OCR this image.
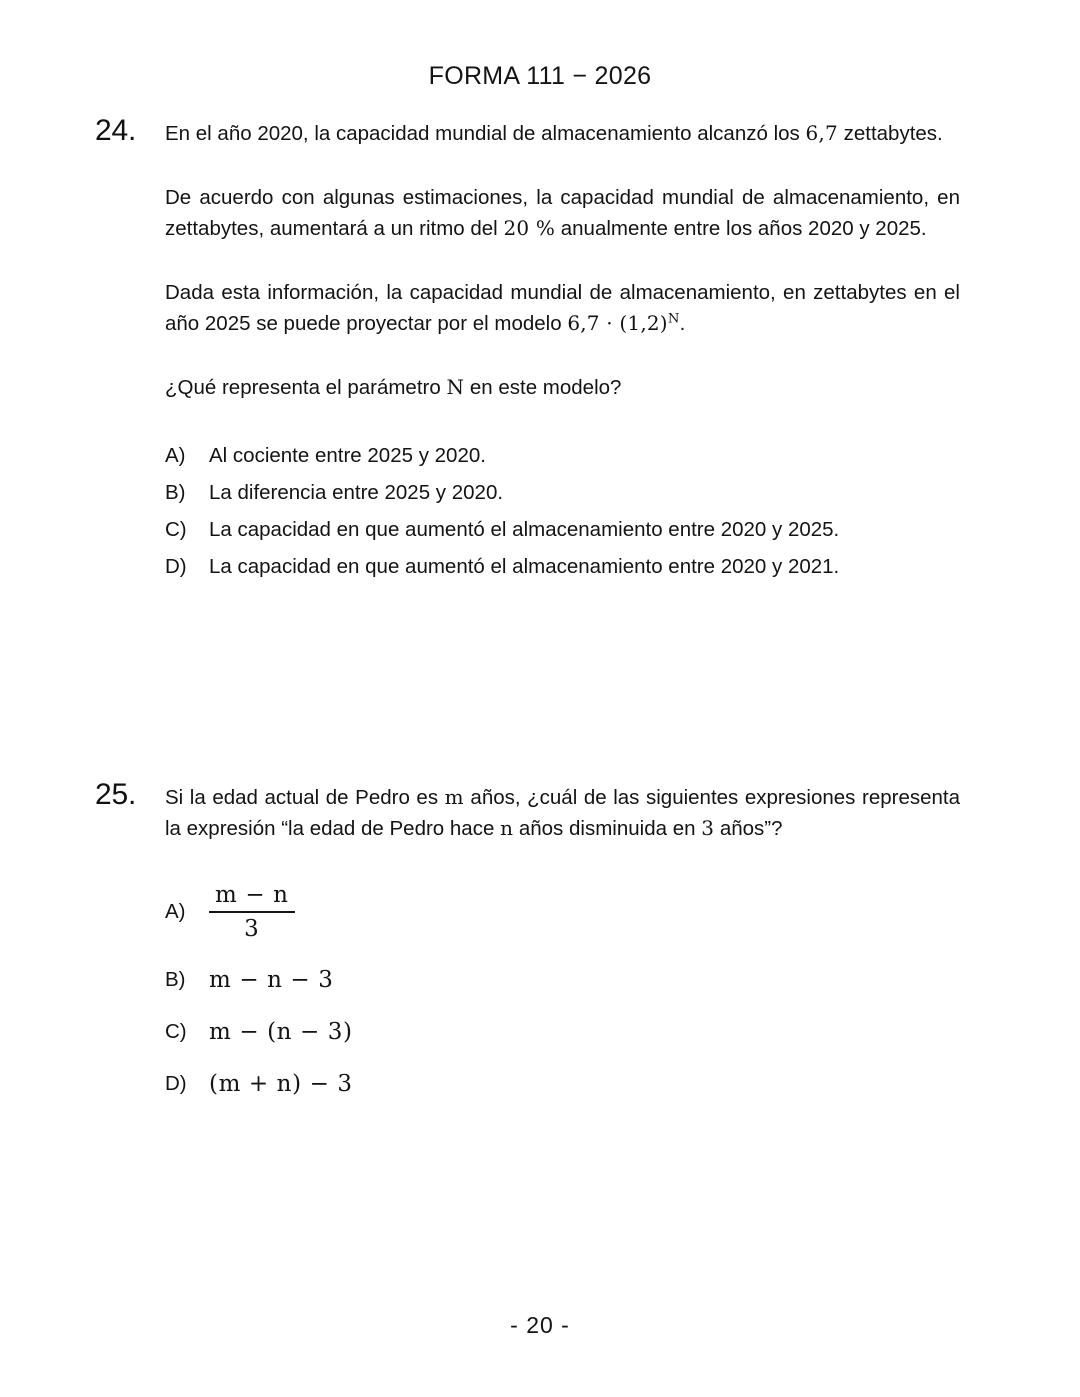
FORMA 111 − 2026
24.	En el año 2020, la capacidad mundial de almacenamiento alcanzó los 6,7 zettabytes.

De acuerdo con algunas estimaciones, la capacidad mundial de almacenamiento, en zettabytes, aumentará a un ritmo del 20 % anualmente entre los años 2020 y 2025.

Dada esta información, la capacidad mundial de almacenamiento, en zettabytes en el año 2025 se puede proyectar por el modelo $6,7 \cdot (1,2)^N$.

¿Qué representa el parámetro N en este modelo?

A)	Al cociente entre 2025 y 2020.
B)	La diferencia entre 2025 y 2020.
C)	La capacidad en que aumentó el almacenamiento entre 2020 y 2025.
D)	La capacidad en que aumentó el almacenamiento entre 2020 y 2021.
25.	Si la edad actual de Pedro es m años, ¿cuál de las siguientes expresiones representa la expresión “la edad de Pedro hace n años disminuida en 3 años”?

A)	$\frac{m - n}{3}$
B)	m − n − 3
C) m − (n − 3)
D) (m + n) − 3
- 20 -
